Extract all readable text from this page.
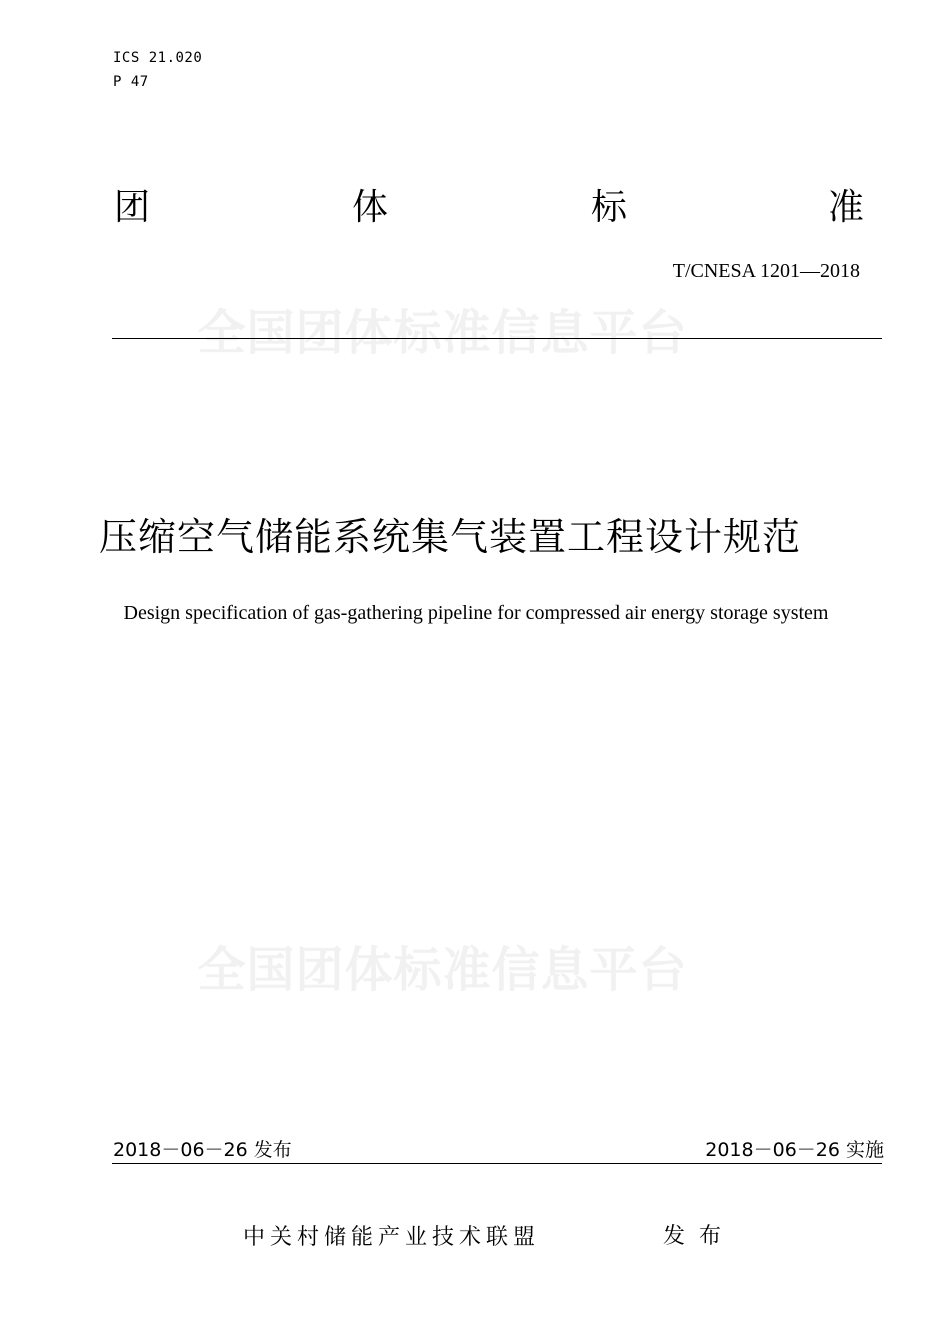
全国团体标准信息平台
全国团体标准信息平台
ICS 21.020
P 47
团	体	标	准
T/CNESA 1201—2018
压缩空气储能系统集气装置工程设计规范
Design specification of gas-gathering pipeline for compressed air energy storage system
2018－06－26 发布	2018－06－26 实施
中关村储能产业技术联盟	发布
